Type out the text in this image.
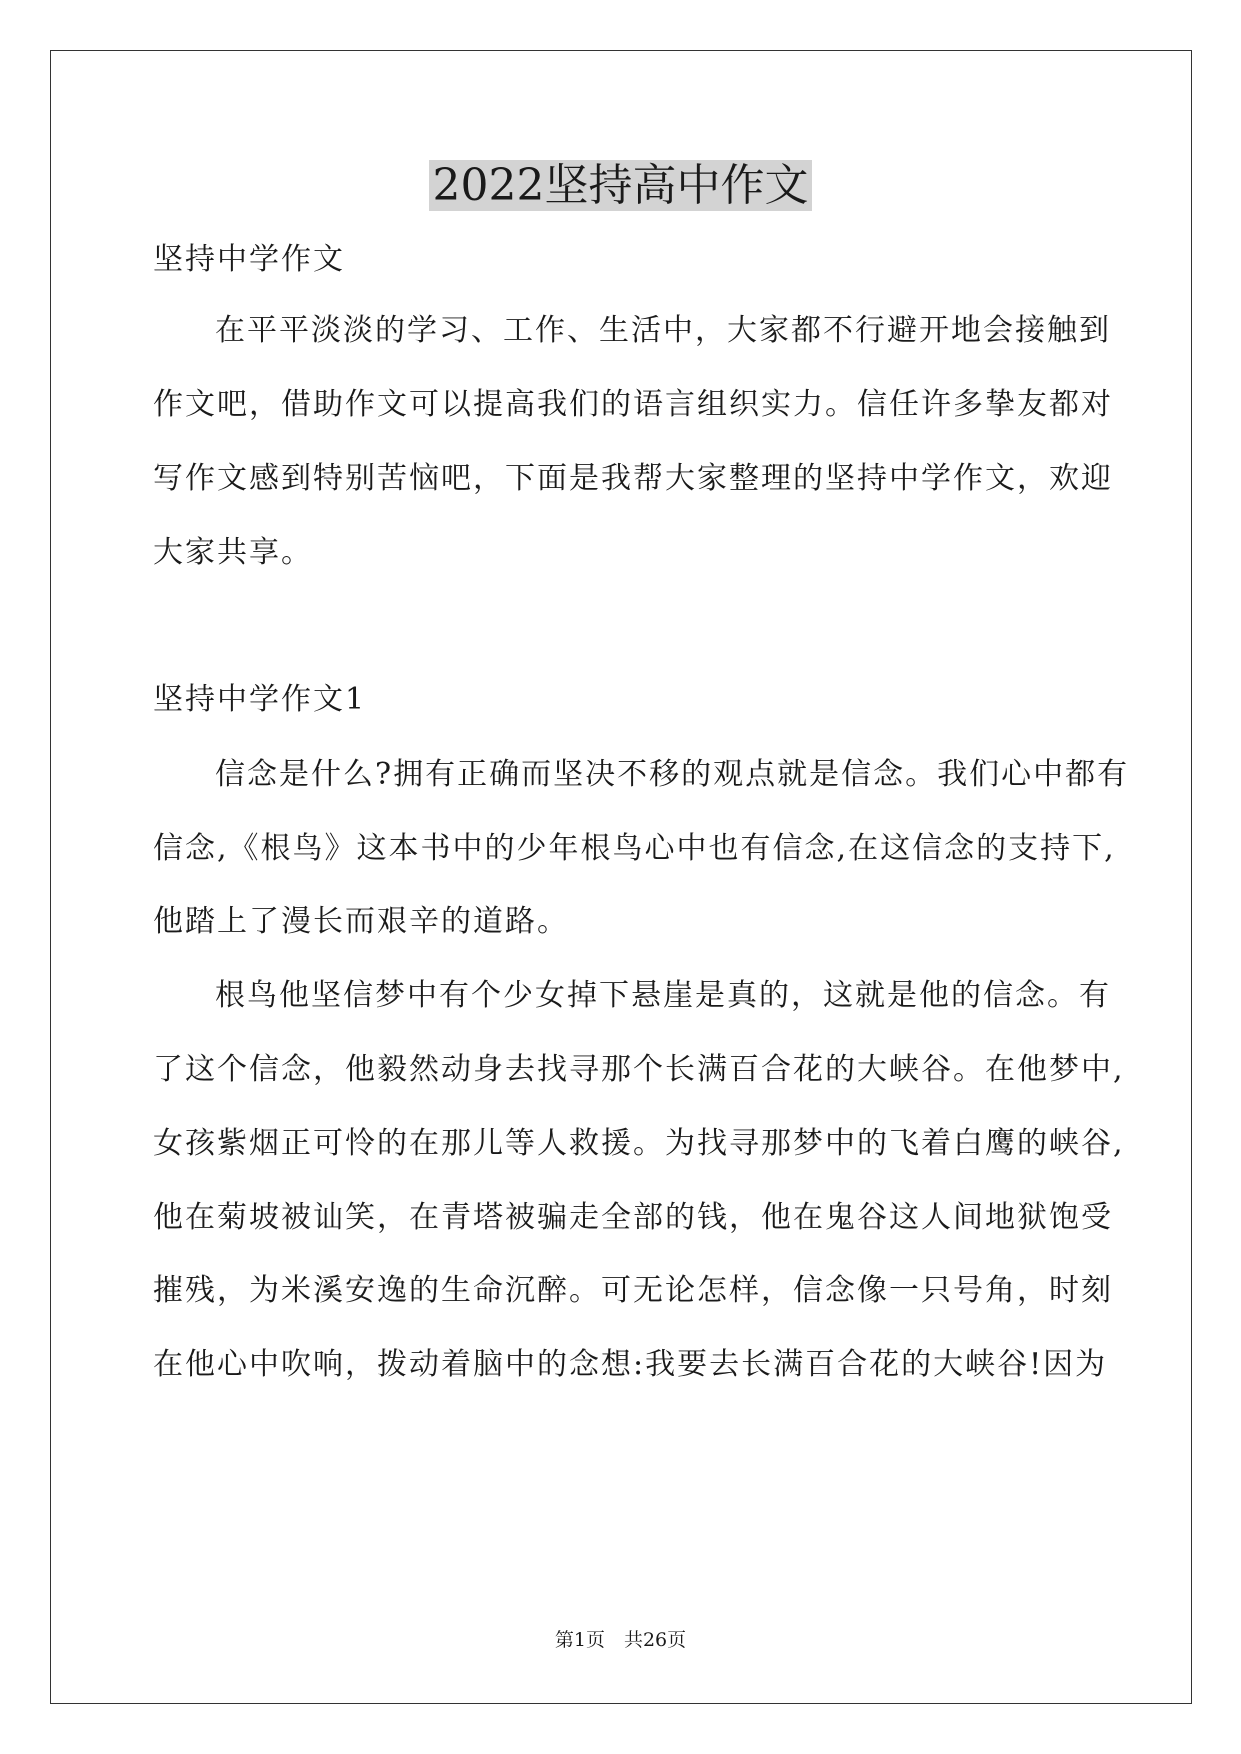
2022坚持高中作文

坚持中学作文

在平平淡淡的学习、工作、生活中，大家都不行避开地会接触到

作文吧，借助作文可以提高我们的语言组织实力。信任许多挚友都对

写作文感到特别苦恼吧，下面是我帮大家整理的坚持中学作文，欢迎

大家共享。

坚持中学作文1

信念是什么?拥有正确而坚决不移的观点就是信念。我们心中都有

信念,《根鸟》这本书中的少年根鸟心中也有信念,在这信念的支持下,

他踏上了漫长而艰辛的道路。

根鸟他坚信梦中有个少女掉下悬崖是真的，这就是他的信念。有

了这个信念，他毅然动身去找寻那个长满百合花的大峡谷。在他梦中,

女孩紫烟正可怜的在那儿等人救援。为找寻那梦中的飞着白鹰的峡谷,

他在菊坡被讪笑，在青塔被骗走全部的钱，他在鬼谷这人间地狱饱受

摧残，为米溪安逸的生命沉醉。可无论怎样，信念像一只号角，时刻

在他心中吹响，拨动着脑中的念想:我要去长满百合花的大峡谷!因为

第1页　共26页
